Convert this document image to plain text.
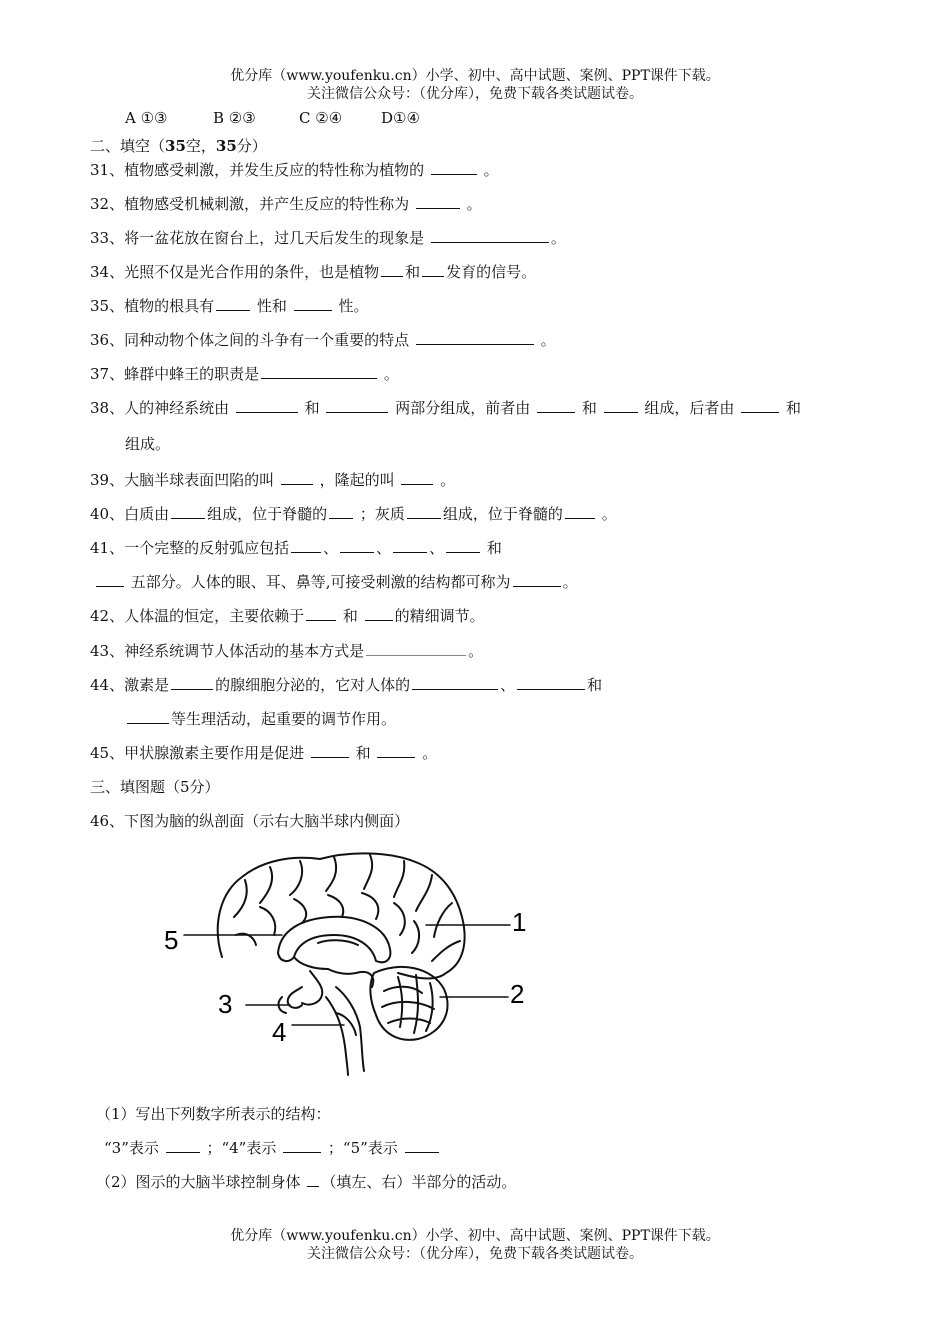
优分库（www.youfenku.cn）小学、初中、高中试题、案例、PPT课件下载。
关注微信公众号：（优分库），免费下载各类试题试卷。
A ①③	B ②③	C ②④	D①④
二、填空（35空，35分）
31、植物感受刺激，并发生反应的特性称为植物的	。
32、植物感受机械刺激，并产生反应的特性称为	。
33、将一盆花放在窗台上，过几天后发生的现象是	。
34、光照不仅是光合作用的条件，也是植物 和 发育的信号。
35、植物的根具有	性和	性。
36、同种动物个体之间的斗争有一个重要的特点	。
37、蜂群中蜂王的职责是	。
38、人的神经系统由	和	两部分组成，前者由	和	组成，后者由	和
组成。
39、大脑半球表面凹陷的叫	，隆起的叫	。
40、白质由	组成，位于脊髓的 ；灰质	组成，位于脊髓的	。
41、一个完整的反射弧应包括 、	、	、	和
五部分。人体的眼、耳、鼻等,可接受刺激的结构都可称为	。
42、人体温的恒定，主要依赖于	和 的精细调节。
43、神经系统调节人体活动的基本方式是	。
44、激素是	的腺细胞分泌的，它对人体的	、	和
等生理活动，起重要的调节作用。
45、甲状腺激素主要作用是促进	和	。
三、填图题（5分）
46、下图为脑的纵剖面（示右大脑半球内侧面）
1
2
5
3
4
（1）写出下列数字所表示的结构：
“3”表示	；“4”表示	；“5”表示
（2）图示的大脑半球控制身体 （填左、右）半部分的活动。
优分库（www.youfenku.cn）小学、初中、高中试题、案例、PPT课件下载。
关注微信公众号：（优分库），免费下载各类试题试卷。
